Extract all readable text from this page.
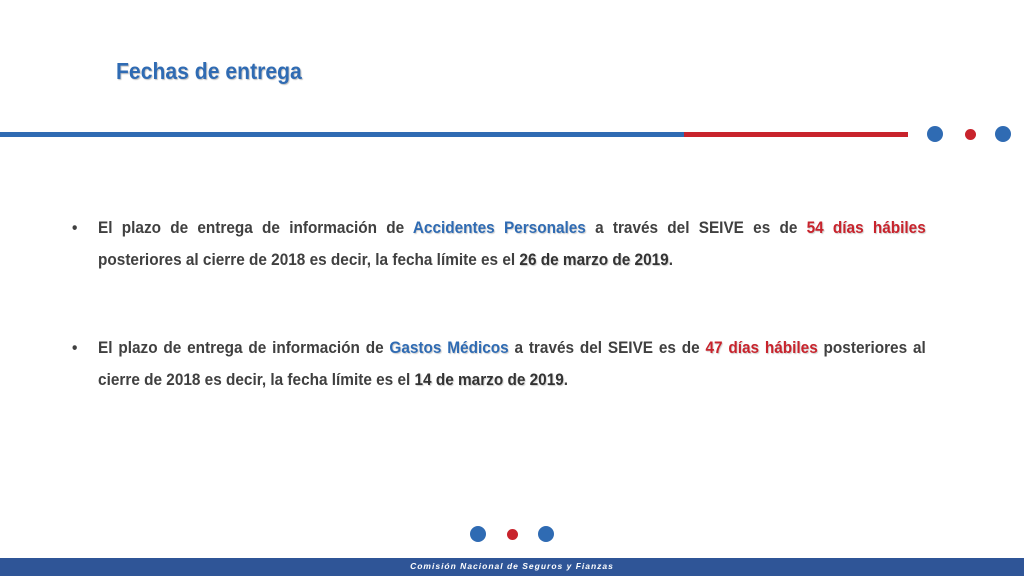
Fechas de entrega
• El plazo de entrega de información de Accidentes Personales a través del SEIVE es de 54 días hábiles posteriores al cierre de 2018 es decir, la fecha límite es el 26 de marzo de 2019.
• El plazo de entrega de información de Gastos Médicos a través del SEIVE es de 47 días hábiles posteriores al cierre de 2018 es decir, la fecha límite es el 14 de marzo de 2019.
Comisión Nacional de Seguros y Fianzas
